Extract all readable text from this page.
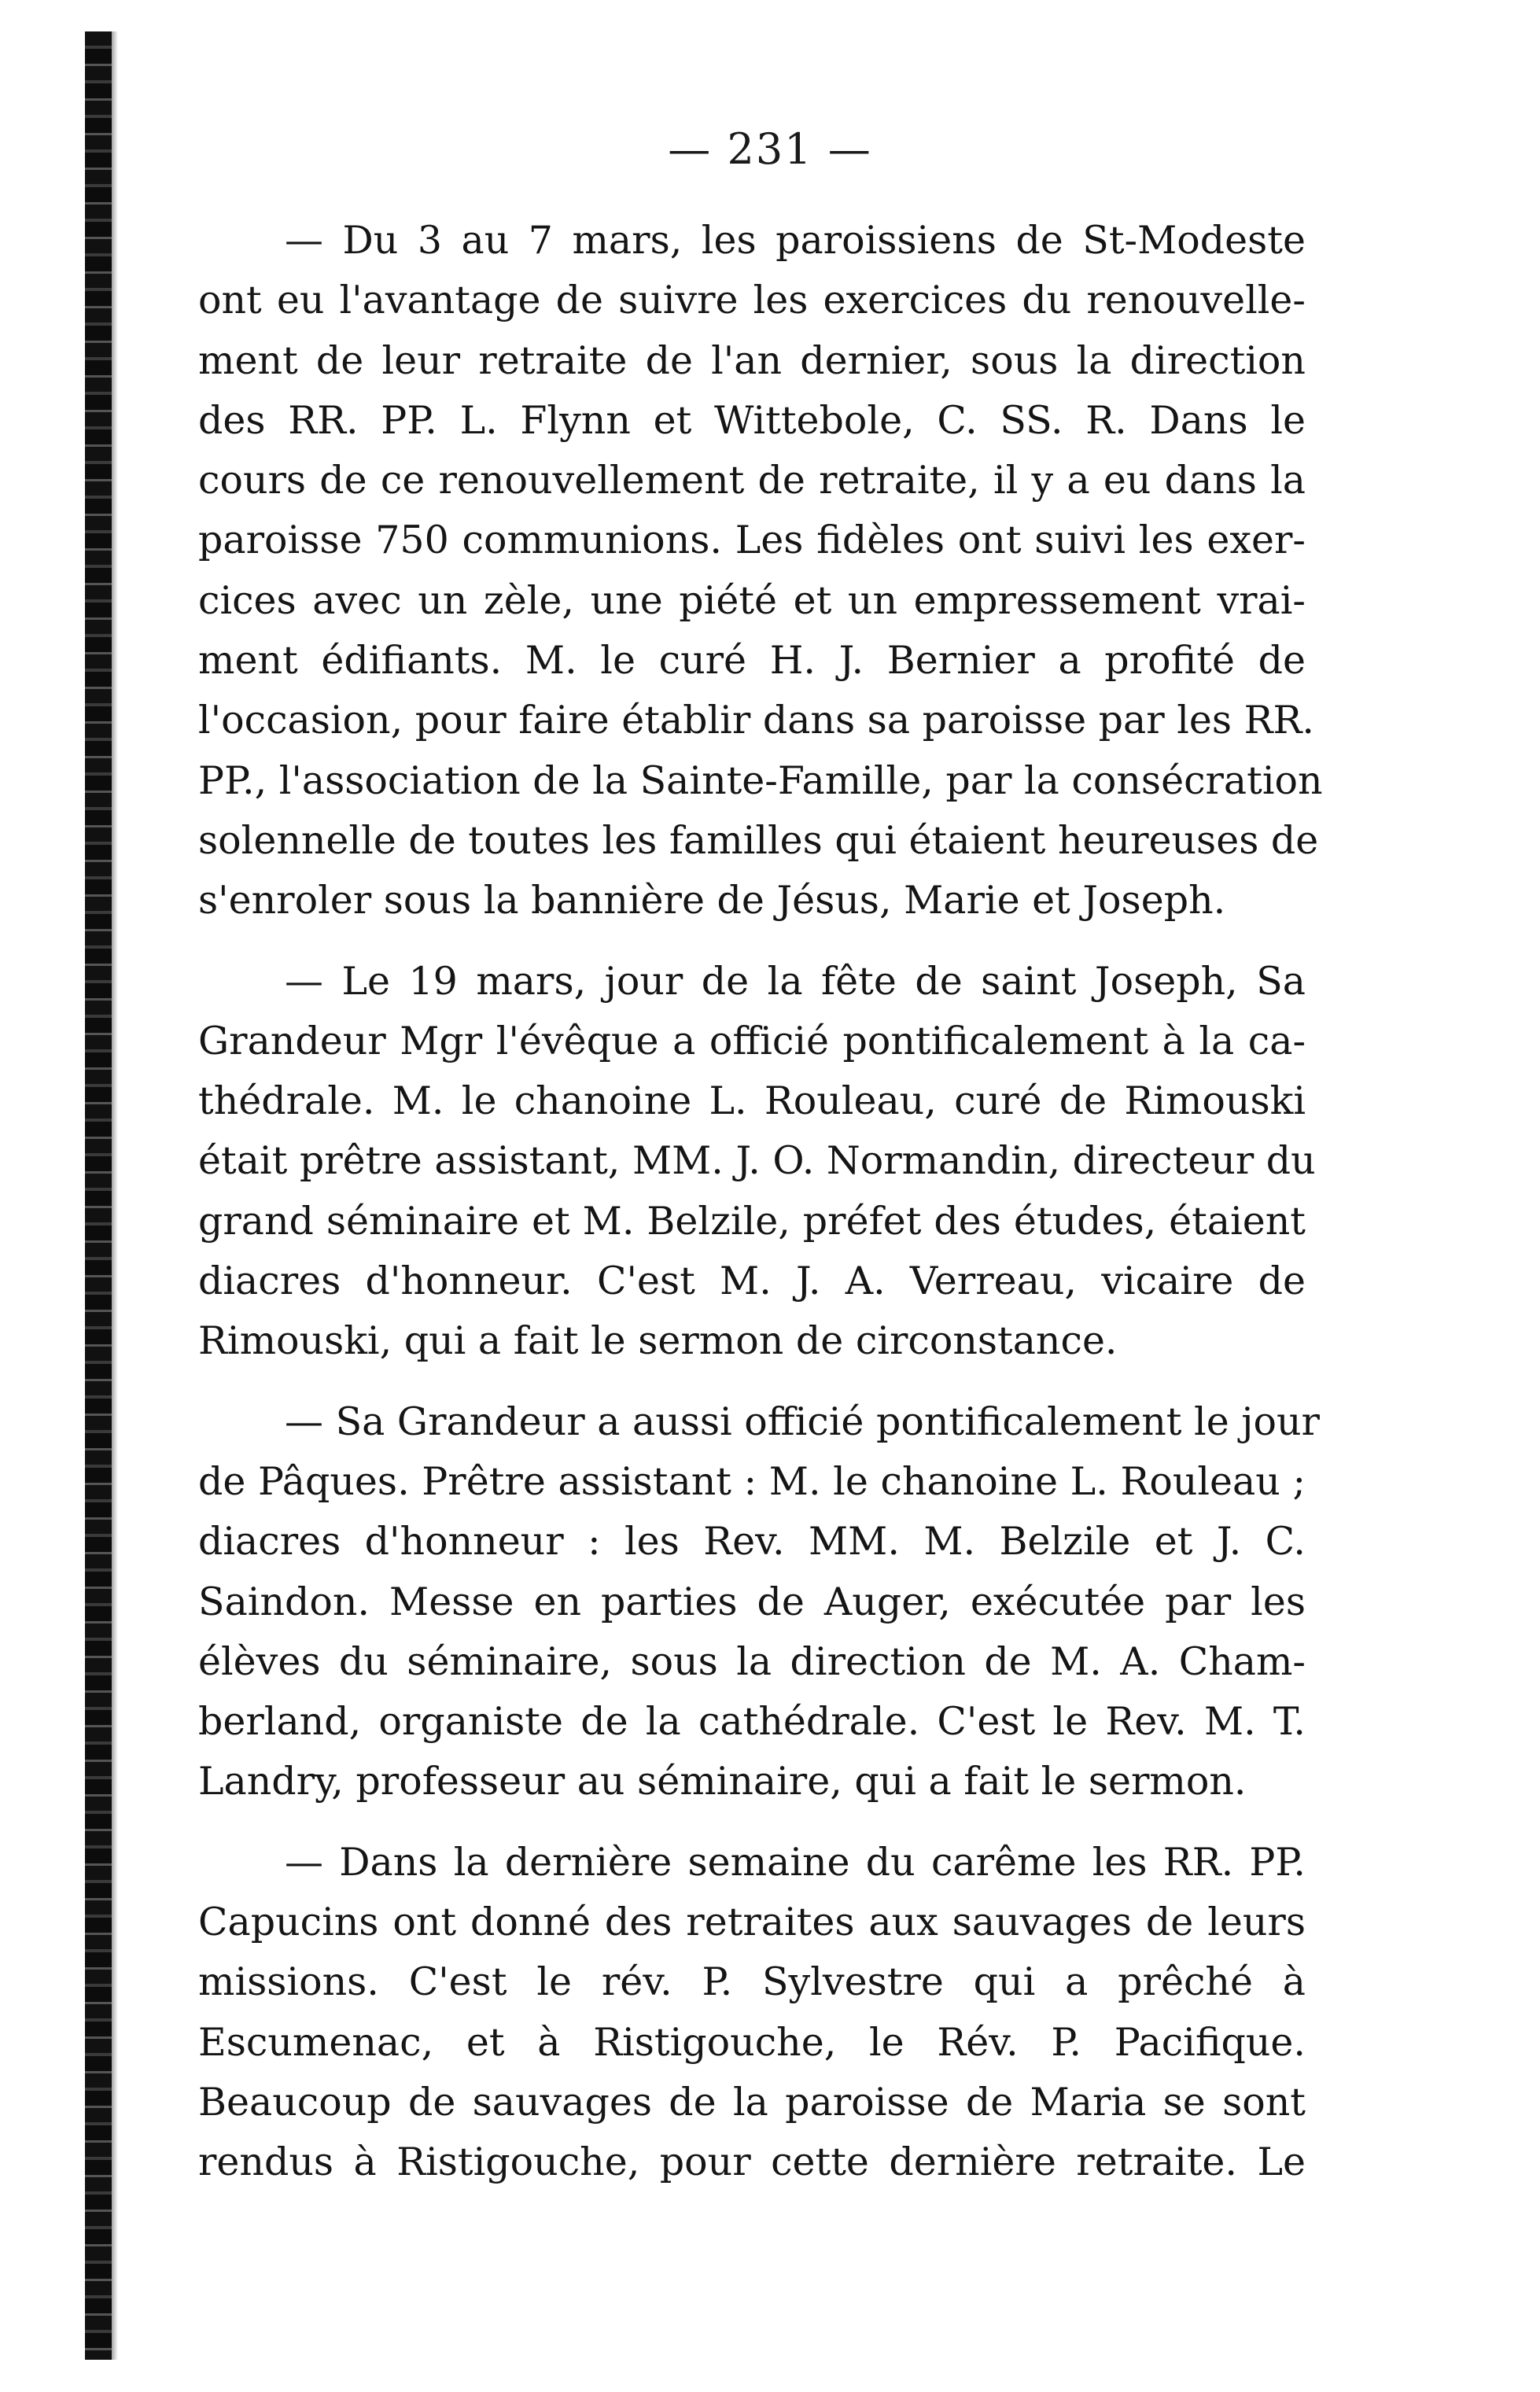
— 231 —

— Du 3 au 7 mars, les paroissiens de St-Modeste
ont eu l'avantage de suivre les exercices du renouvelle-
ment de leur retraite de l'an dernier, sous la direction
des RR. PP. L. Flynn et Wittebole, C. SS. R. Dans le
cours de ce renouvellement de retraite, il y a eu dans la
paroisse 750 communions. Les fidèles ont suivi les exer-
cices avec un zèle, une piété et un empressement vrai-
ment édifiants. M. le curé H. J. Bernier a profité de
l'occasion, pour faire établir dans sa paroisse par les RR.
PP., l'association de la Sainte-Famille, par la consécration
solennelle de toutes les familles qui étaient heureuses de
s'enroler sous la bannière de Jésus, Marie et Joseph.

— Le 19 mars, jour de la fête de saint Joseph, Sa
Grandeur Mgr l'évêque a officié pontificalement à la ca-
thédrale. M. le chanoine L. Rouleau, curé de Rimouski
était prêtre assistant, MM. J. O. Normandin, directeur du
grand séminaire et M. Belzile, préfet des études, étaient
diacres d'honneur. C'est M. J. A. Verreau, vicaire de
Rimouski, qui a fait le sermon de circonstance.

— Sa Grandeur a aussi officié pontificalement le jour
de Pâques. Prêtre assistant : M. le chanoine L. Rouleau ;
diacres d'honneur : les Rev. MM. M. Belzile et J. C.
Saindon. Messe en parties de Auger, exécutée par les
élèves du séminaire, sous la direction de M. A. Cham-
berland, organiste de la cathédrale. C'est le Rev. M. T.
Landry, professeur au séminaire, qui a fait le sermon.

— Dans la dernière semaine du carême les RR. PP.
Capucins ont donné des retraites aux sauvages de leurs
missions. C'est le rév. P. Sylvestre qui a prêché à
Escumenac, et à Ristigouche, le Rév. P. Pacifique.
Beaucoup de sauvages de la paroisse de Maria se sont
rendus à Ristigouche, pour cette dernière retraite. Le
